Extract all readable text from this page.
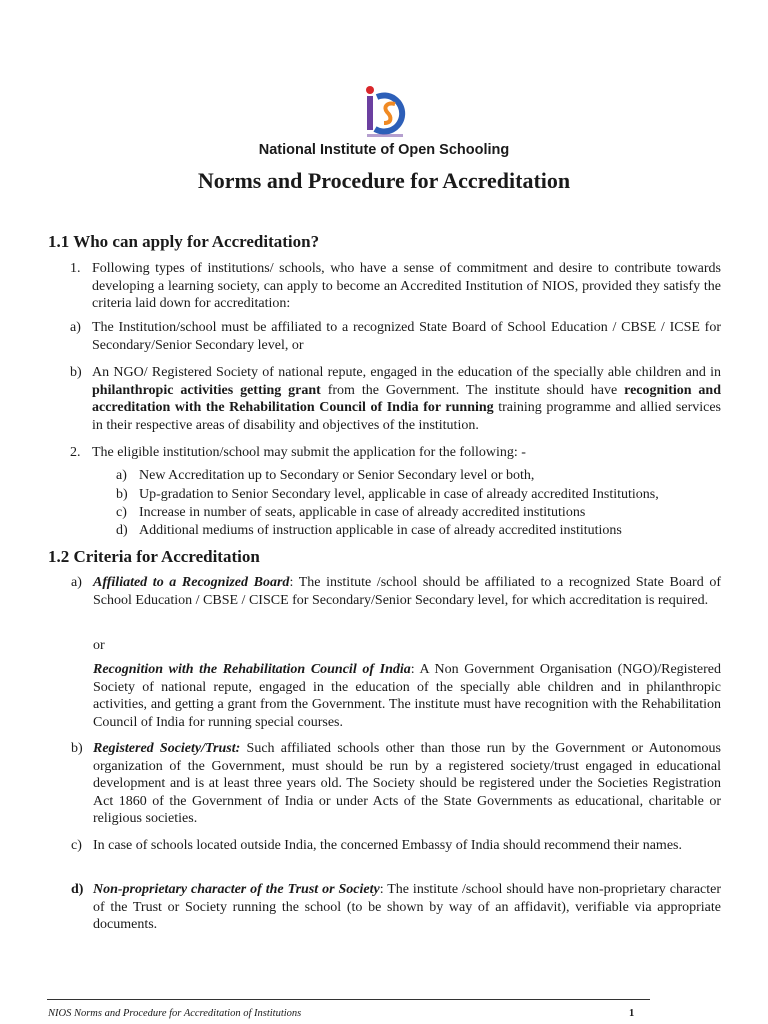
National Institute of Open Schooling
Norms and Procedure for Accreditation
1.1 Who can apply for Accreditation?
1. Following types of institutions/ schools, who have a sense of commitment and desire to contribute towards developing a learning society, can apply to become an Accredited Institution of NIOS, provided they satisfy the criteria laid down for accreditation:
a) The Institution/school must be affiliated to a recognized State Board of School Education / CBSE / ICSE for Secondary/Senior Secondary level, or
b) An NGO/ Registered Society of national repute, engaged in the education of the specially able children and in philanthropic activities getting grant from the Government. The institute should have recognition and accreditation with the Rehabilitation Council of India for running training programme and allied services in their respective areas of disability and objectives of the institution.
2. The eligible institution/school may submit the application for the following: -
a) New Accreditation up to Secondary or Senior Secondary level or both,
b) Up-gradation to Senior Secondary level, applicable in case of already accredited Institutions,
c) Increase in number of seats, applicable in case of already accredited institutions
d) Additional mediums of instruction applicable in case of already accredited institutions
1.2 Criteria for Accreditation
a) Affiliated to a Recognized Board: The institute /school should be affiliated to a recognized State Board of School Education / CBSE / CISCE for Secondary/Senior Secondary level, for which accreditation is required.
or
Recognition with the Rehabilitation Council of India: A Non Government Organisation (NGO)/Registered Society of national repute, engaged in the education of the specially able children and in philanthropic activities, and getting a grant from the Government. The institute must have recognition with the Rehabilitation Council of India for running special courses.
b) Registered Society/Trust: Such affiliated schools other than those run by the Government or Autonomous organization of the Government, must should be run by a registered society/trust engaged in educational development and is at least three years old. The Society should be registered under the Societies Registration Act 1860 of the Government of India or under Acts of the State Governments as educational, charitable or religious societies.
c) In case of schools located outside India, the concerned Embassy of India should recommend their names.
d) Non-proprietary character of the Trust or Society: The institute /school should have non-proprietary character of the Trust or Society running the school (to be shown by way of an affidavit), verifiable via appropriate documents.
NIOS Norms and Procedure for Accreditation of Institutions	1
